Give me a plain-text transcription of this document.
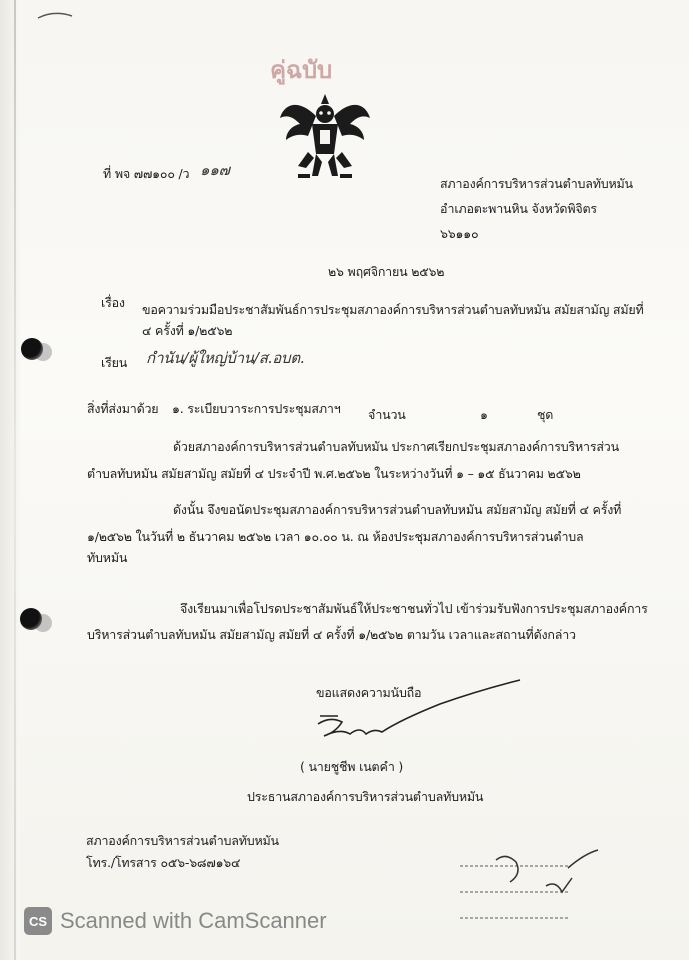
คู่ฉบับ
ที่ พจ ๗๗๑๐๐ /ว ๑๑๗
สภาองค์การบริหารส่วนตำบลทับหมัน
อำเภอตะพานหิน จังหวัดพิจิตร
๖๖๑๑๐
๒๖ พฤศจิกายน ๒๕๖๒
เรื่อง ขอความร่วมมือประชาสัมพันธ์การประชุมสภาองค์การบริหารส่วนตำบลทับหมัน สมัยสามัญ สมัยที่
๔ ครั้งที่ ๑/๒๕๖๒
เรียน กำนัน/ผู้ใหญ่บ้าน/ส.อบต.
สิ่งที่ส่งมาด้วย ๑. ระเบียบวาระการประชุมสภาฯ จำนวน	๑	ชุด
ด้วยสภาองค์การบริหารส่วนตำบลทับหมัน ประกาศเรียกประชุมสภาองค์การบริหารส่วน
ตำบลทับหมัน สมัยสามัญ สมัยที่ ๔ ประจำปี พ.ศ.๒๕๖๒ ในระหว่างวันที่ ๑ – ๑๕ ธันวาคม ๒๕๖๒
ดังนั้น จึงขอนัดประชุมสภาองค์การบริหารส่วนตำบลทับหมัน สมัยสามัญ สมัยที่ ๔ ครั้งที่
๑/๒๕๖๒ ในวันที่ ๒ ธันวาคม ๒๕๖๒ เวลา ๑๐.๐๐ น. ณ ห้องประชุมสภาองค์การบริหารส่วนตำบล
ทับหมัน
จึงเรียนมาเพื่อโปรดประชาสัมพันธ์ให้ประชาชนทั่วไป เข้าร่วมรับฟังการประชุมสภาองค์การ
บริหารส่วนตำบลทับหมัน สมัยสามัญ สมัยที่ ๔ ครั้งที่ ๑/๒๕๖๒ ตามวัน เวลาและสถานที่ดังกล่าว
ขอแสดงความนับถือ
( นายชูชีพ เนตคำ )
ประธานสภาองค์การบริหารส่วนตำบลทับหมัน
สภาองค์การบริหารส่วนตำบลทับหมัน
โทร./โทรสาร ๐๕๖-๖๘๗๑๖๔
CS Scanned with CamScanner
